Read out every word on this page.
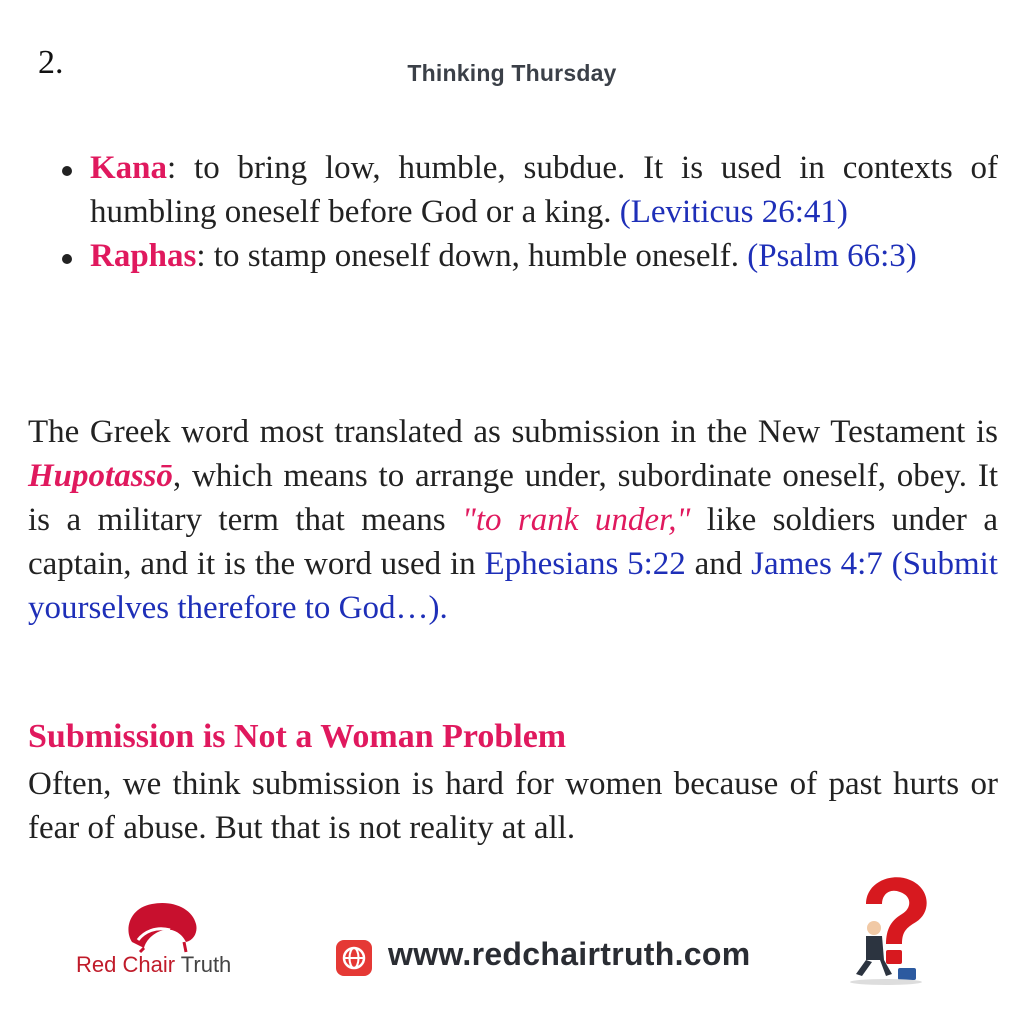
2.	Thinking Thursday
Kana: to bring low, humble, subdue. It is used in contexts of humbling oneself before God or a king. (Leviticus 26:41)
Raphas: to stamp oneself down, humble oneself. (Psalm 66:3)

The Greek word most translated as submission in the New Testament is Hupotassō, which means to arrange under, subordinate oneself, obey. It is a military term that means "to rank under," like soldiers under a captain, and it is the word used in Ephesians 5:22 and James 4:7 (Submit yourselves therefore to God…).

Submission is Not a Woman Problem

Often, we think submission is hard for women because of past hurts or fear of abuse. But that is not reality at all.

Red Chair Truth	www.redchairtruth.com
